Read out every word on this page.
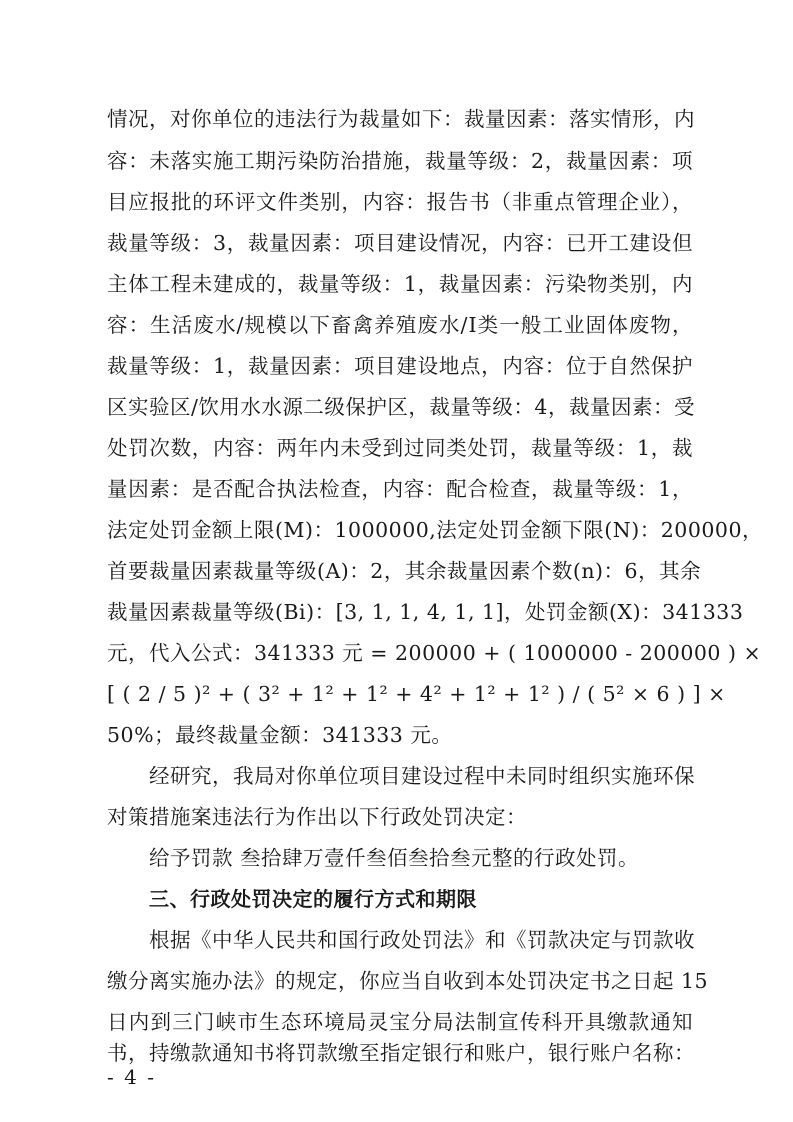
情况，对你单位的违法行为裁量如下：裁量因素：落实情形，内
容：未落实施工期污染防治措施，裁量等级：2，裁量因素：项
目应报批的环评文件类别，内容：报告书（非重点管理企业），
裁量等级：3，裁量因素：项目建设情况，内容：已开工建设但
主体工程未建成的，裁量等级：1，裁量因素：污染物类别，内
容：生活废水/规模以下畜禽养殖废水/Ⅰ类一般工业固体废物，
裁量等级：1，裁量因素：项目建设地点，内容：位于自然保护
区实验区/饮用水水源二级保护区，裁量等级：4，裁量因素：受
处罚次数，内容：两年内未受到过同类处罚，裁量等级：1，裁
量因素：是否配合执法检查，内容：配合检查，裁量等级：1，
法定处罚金额上限(M)：1000000,法定处罚金额下限(N)：200000，
首要裁量因素裁量等级(A)：2，其余裁量因素个数(n)：6，其余
裁量因素裁量等级(Bi)：[3, 1, 1, 4, 1, 1]，处罚金额(X)：341333
元，代入公式：341333 元 = 200000 + ( 1000000 - 200000 ) ×
[ ( 2 / 5 )² + ( 3² + 1² + 1² + 4² + 1² + 1² ) / ( 5² × 6 ) ] ×
50%；最终裁量金额：341333 元。
经研究，我局对你单位项目建设过程中未同时组织实施环保
对策措施案违法行为作出以下行政处罚决定：
给予罚款 叁拾肆万壹仟叁佰叁拾叁元整的行政处罚。
三、行政处罚决定的履行方式和期限
根据《中华人民共和国行政处罚法》和《罚款决定与罚款收
缴分离实施办法》的规定，你应当自收到本处罚决定书之日起 15
日内到三门峡市生态环境局灵宝分局法制宣传科开具缴款通知
书，持缴款通知书将罚款缴至指定银行和账户，银行账户名称：
- 4 -
